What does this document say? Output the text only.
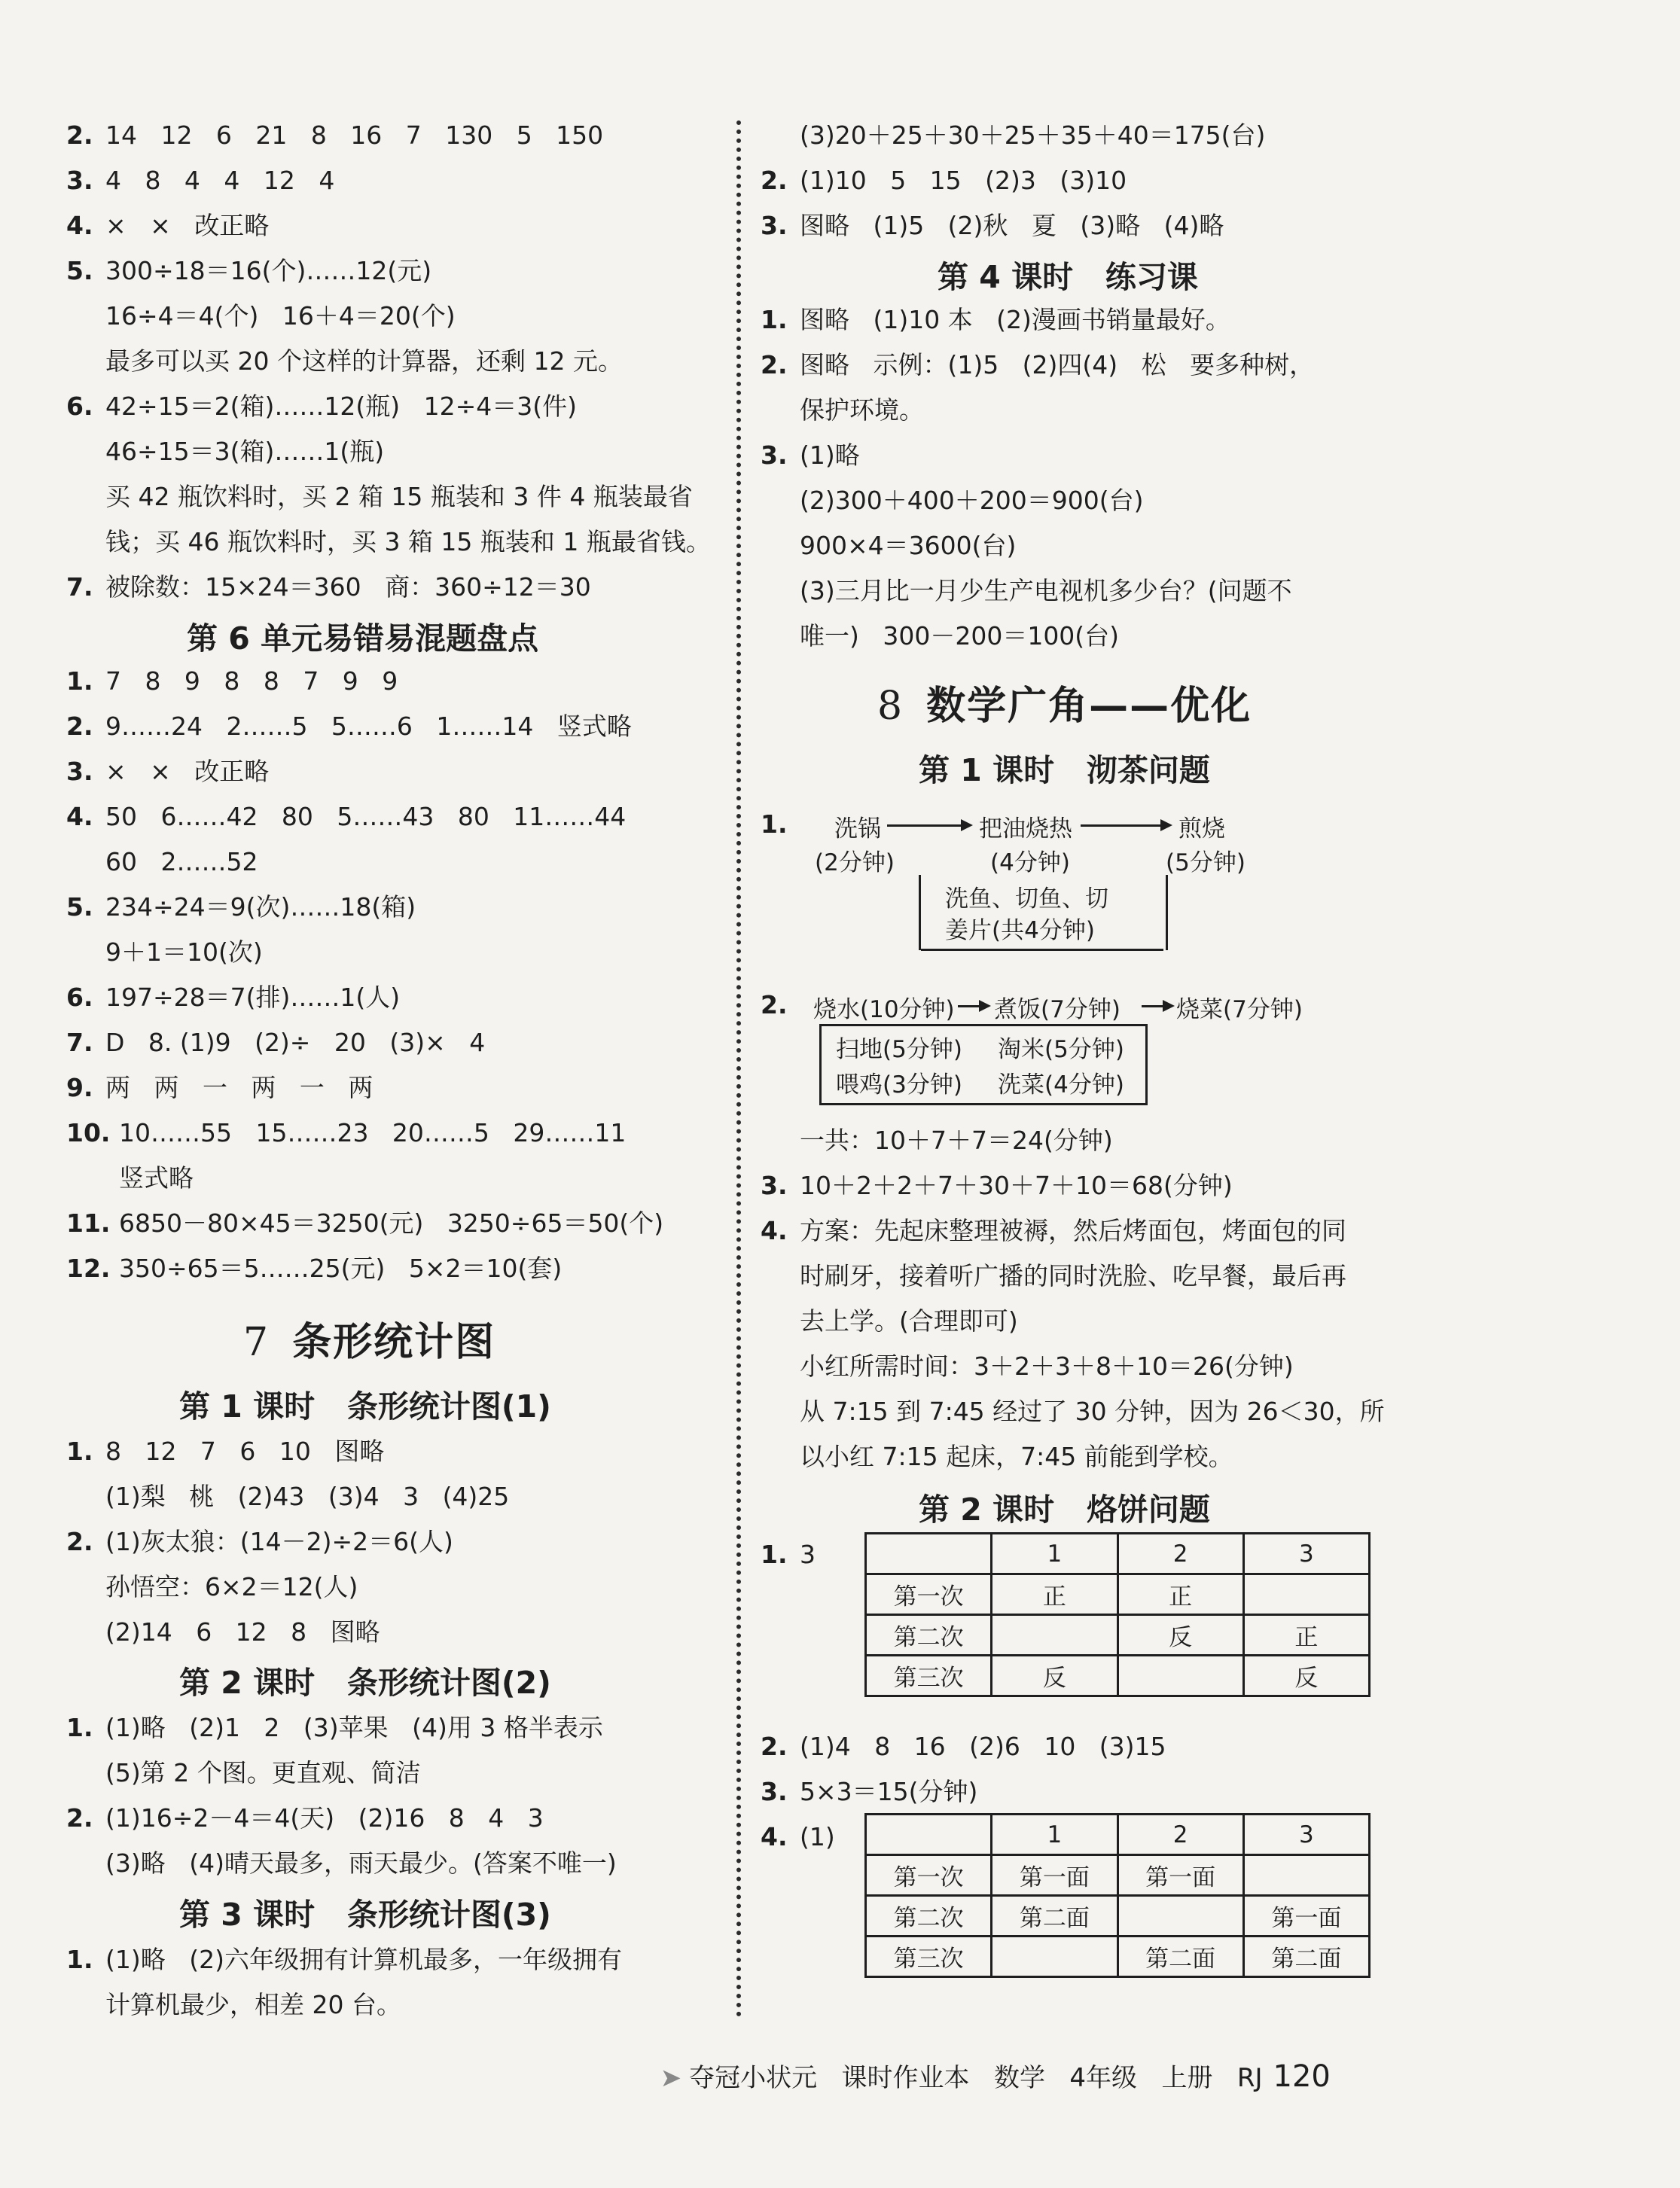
2. 14   12   6   21   8   16   7   130   5   150
3. 4   8   4   4   12   4
4. ×   ×   改正略
5. 300÷18＝16(个)……12(元)
16÷4＝4(个)   16＋4＝20(个)
最多可以买 20 个这样的计算器，还剩 12 元。
6. 42÷15＝2(箱)……12(瓶)   12÷4＝3(件)
46÷15＝3(箱)……1(瓶)
买 42 瓶饮料时，买 2 箱 15 瓶装和 3 件 4 瓶装最省
钱；买 46 瓶饮料时，买 3 箱 15 瓶装和 1 瓶最省钱。
7. 被除数：15×24＝360   商：360÷12＝30
第 6 单元易错易混题盘点
1. 7   8   9   8   8   7   9   9
2. 9……24   2……5   5……6   1……14   竖式略
3. ×   ×   改正略
4. 50   6……42   80   5……43   80   11……44
60   2……52
5. 234÷24＝9(次)……18(箱)
9＋1＝10(次)
6. 197÷28＝7(排)……1(人)
7. D   8. (1)9   (2)÷   20   (3)×   4
9. 两   两   一   两   一   两
10. 10……55   15……23   20……5   29……11
竖式略
11. 6850－80×45＝3250(元)   3250÷65＝50(个)
12. 350÷65＝5……25(元)   5×2＝10(套)
7 条形统计图
第 1 课时   条形统计图(1)
1. 8   12   7   6   10   图略
(1)梨   桃   (2)43   (3)4   3   (4)25
2. (1)灰太狼：(14－2)÷2＝6(人)
孙悟空：6×2＝12(人)
(2)14   6   12   8   图略
第 2 课时   条形统计图(2)
1. (1)略   (2)1   2   (3)苹果   (4)用 3 格半表示
(5)第 2 个图。更直观、简洁
2. (1)16÷2－4＝4(天)   (2)16   8   4   3
(3)略   (4)晴天最多，雨天最少。(答案不唯一)
第 3 课时   条形统计图(3)
1. (1)略   (2)六年级拥有计算机最多，一年级拥有
计算机最少，相差 20 台。
(3)20＋25＋30＋25＋35＋40＝175(台)
2. (1)10   5   15   (2)3   (3)10
3. 图略   (1)5   (2)秋   夏   (3)略   (4)略
第 4 课时   练习课
1. 图略   (1)10 本   (2)漫画书销量最好。
2. 图略   示例：(1)5   (2)四(4)   松   要多种树，
保护环境。
3. (1)略
(2)300＋400＋200＝900(台)
900×4＝3600(台)
(3)三月比一月少生产电视机多少台？(问题不
唯一)   300－200＝100(台)
8 数学广角——优化
第 1 课时   沏茶问题
1.	洗锅
(2分钟)
把油烧热
(4分钟)
煎烧
(5分钟)
洗鱼、切鱼、切
姜片(共4分钟)
2.	烧水(10分钟) 煮饭(7分钟) 烧菜(7分钟)
扫地(5分钟) 淘米(5分钟)
喂鸡(3分钟) 洗菜(4分钟)
一共：10＋7＋7＝24(分钟)
3. 10＋2＋2＋7＋30＋7＋10＝68(分钟)
4. 方案：先起床整理被褥，然后烤面包，烤面包的同
时刷牙，接着听广播的同时洗脸、吃早餐，最后再
去上学。(合理即可)
小红所需时间：3＋2＋3＋8＋10＝26(分钟)
从 7:15 到 7:45 经过了 30 分钟，因为 26＜30，所
以小红 7:15 起床，7:45 前能到学校。
第 2 课时   烙饼问题
1. 3
		1	2	3
第一次	正	正	
第二次		反	正
第三次	反		反
2. (1)4   8   16   (2)6   10   (3)15
3. 5×3＝15(分钟)
4. (1)
		1	2	3
第一次	第一面	第一面	
第二次	第二面		第一面
第三次		第二面	第二面

➤ 夺冠小状元   课时作业本   数学   4年级   上册   RJ 120
